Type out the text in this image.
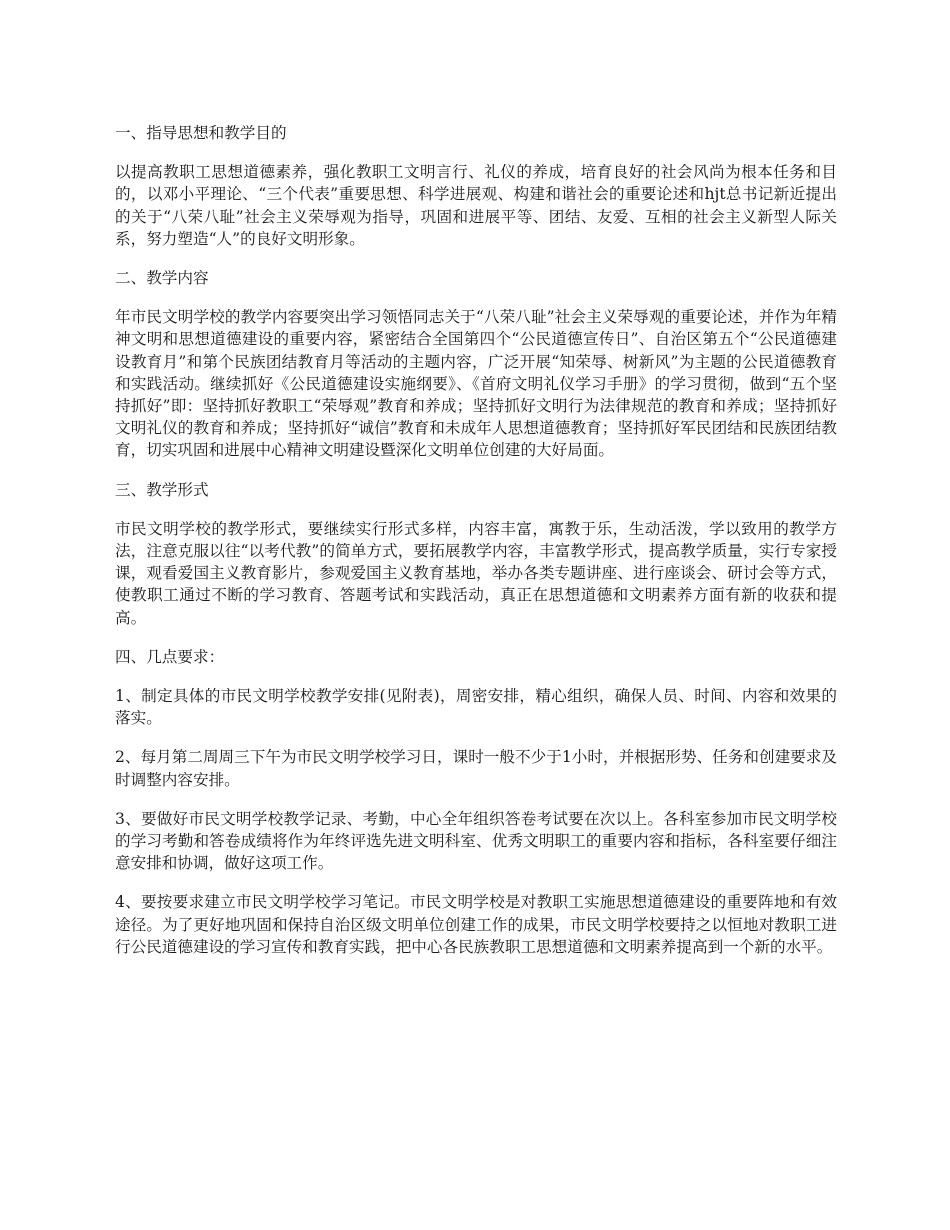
一、指导思想和教学目的

以提高教职工思想道德素养，强化教职工文明言行、礼仪的养成，培育良好的社会风尚为根本任务和目的，以邓小平理论、“三个代表”重要思想、科学进展观、构建和谐社会的重要论述和hjt总书记新近提出的关于“八荣八耻”社会主义荣辱观为指导，巩固和进展平等、团结、友爱、互相的社会主义新型人际关系，努力塑造“人”的良好文明形象。

二、教学内容

年市民文明学校的教学内容要突出学习领悟同志关于“八荣八耻”社会主义荣辱观的重要论述，并作为年精神文明和思想道德建设的重要内容，紧密结合全国第四个“公民道德宣传日”、自治区第五个“公民道德建设教育月”和第个民族团结教育月等活动的主题内容，广泛开展“知荣辱、树新风”为主题的公民道德教育和实践活动。继续抓好《公民道德建设实施纲要》、《首府文明礼仪学习手册》的学习贯彻，做到“五个坚持抓好”即：坚持抓好教职工“荣辱观”教育和养成；坚持抓好文明行为法律规范的教育和养成；坚持抓好文明礼仪的教育和养成；坚持抓好“诚信”教育和未成年人思想道德教育；坚持抓好军民团结和民族团结教育，切实巩固和进展中心精神文明建设暨深化文明单位创建的大好局面。

三、教学形式

市民文明学校的教学形式，要继续实行形式多样，内容丰富，寓教于乐，生动活泼，学以致用的教学方法，注意克服以往“以考代教”的简单方式，要拓展教学内容，丰富教学形式，提高教学质量，实行专家授课，观看爱国主义教育影片，参观爱国主义教育基地，举办各类专题讲座、进行座谈会、研讨会等方式，使教职工通过不断的学习教育、答题考试和实践活动，真正在思想道德和文明素养方面有新的收获和提高。

四、几点要求：

1、制定具体的市民文明学校教学安排(见附表)，周密安排，精心组织，确保人员、时间、内容和效果的落实。

2、每月第二周周三下午为市民文明学校学习日，课时一般不少于1小时，并根据形势、任务和创建要求及时调整内容安排。

3、要做好市民文明学校教学记录、考勤，中心全年组织答卷考试要在次以上。各科室参加市民文明学校的学习考勤和答卷成绩将作为年终评选先进文明科室、优秀文明职工的重要内容和指标，各科室要仔细注意安排和协调，做好这项工作。

4、要按要求建立市民文明学校学习笔记。市民文明学校是对教职工实施思想道德建设的重要阵地和有效途径。为了更好地巩固和保持自治区级文明单位创建工作的成果，市民文明学校要持之以恒地对教职工进行公民道德建设的学习宣传和教育实践，把中心各民族教职工思想道德和文明素养提高到一个新的水平。
